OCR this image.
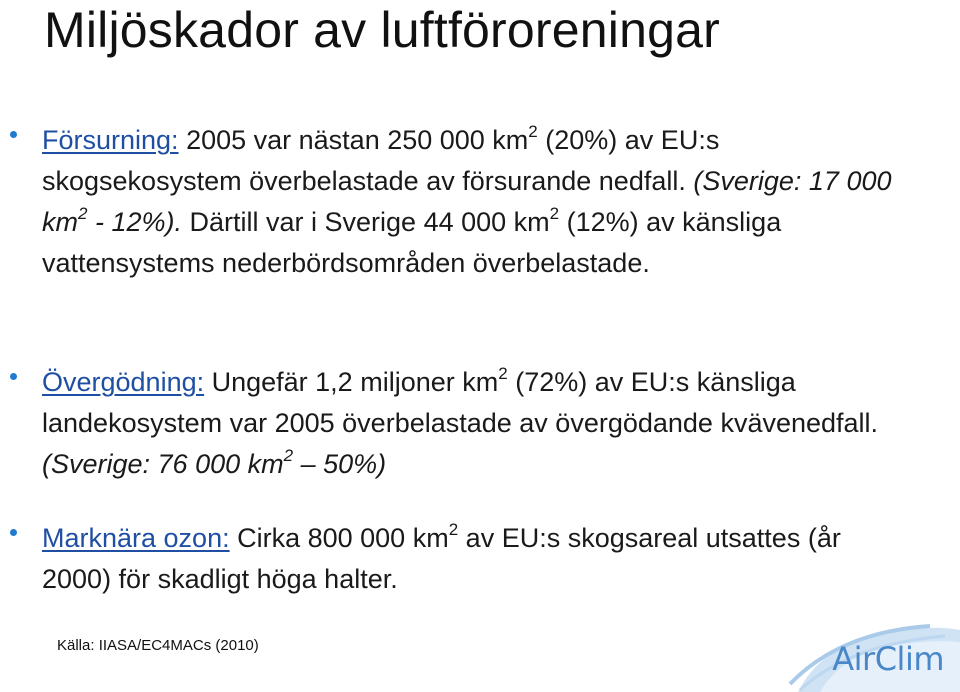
Miljöskador av luftföroreningar
Försurning: 2005 var nästan 250 000 $km^2$ (20%) av EU:s skogsekosystem överbelastade av försurande nedfall. (Sverige: 17 000 $km^2 - 12\%$). Därtill var i Sverige 44 000 $km^2$ (12%) av känsliga vattensystems nederbördsområden överbelastade.
Övergödning: Ungefär 1,2 miljoner $km^2$ (72%) av EU:s känsliga landekosystem var 2005 överbelastade av övergödande kvävenedfall. (Sverige: 76 000 $km^2 - 50\%$)
Marknära ozon: Cirka 800 000 $km^2$ av EU:s skogsareal utsattes (år 2000) för skadligt höga halter.
Källa: IIASA/EC4MACs (2010)	AirClim
